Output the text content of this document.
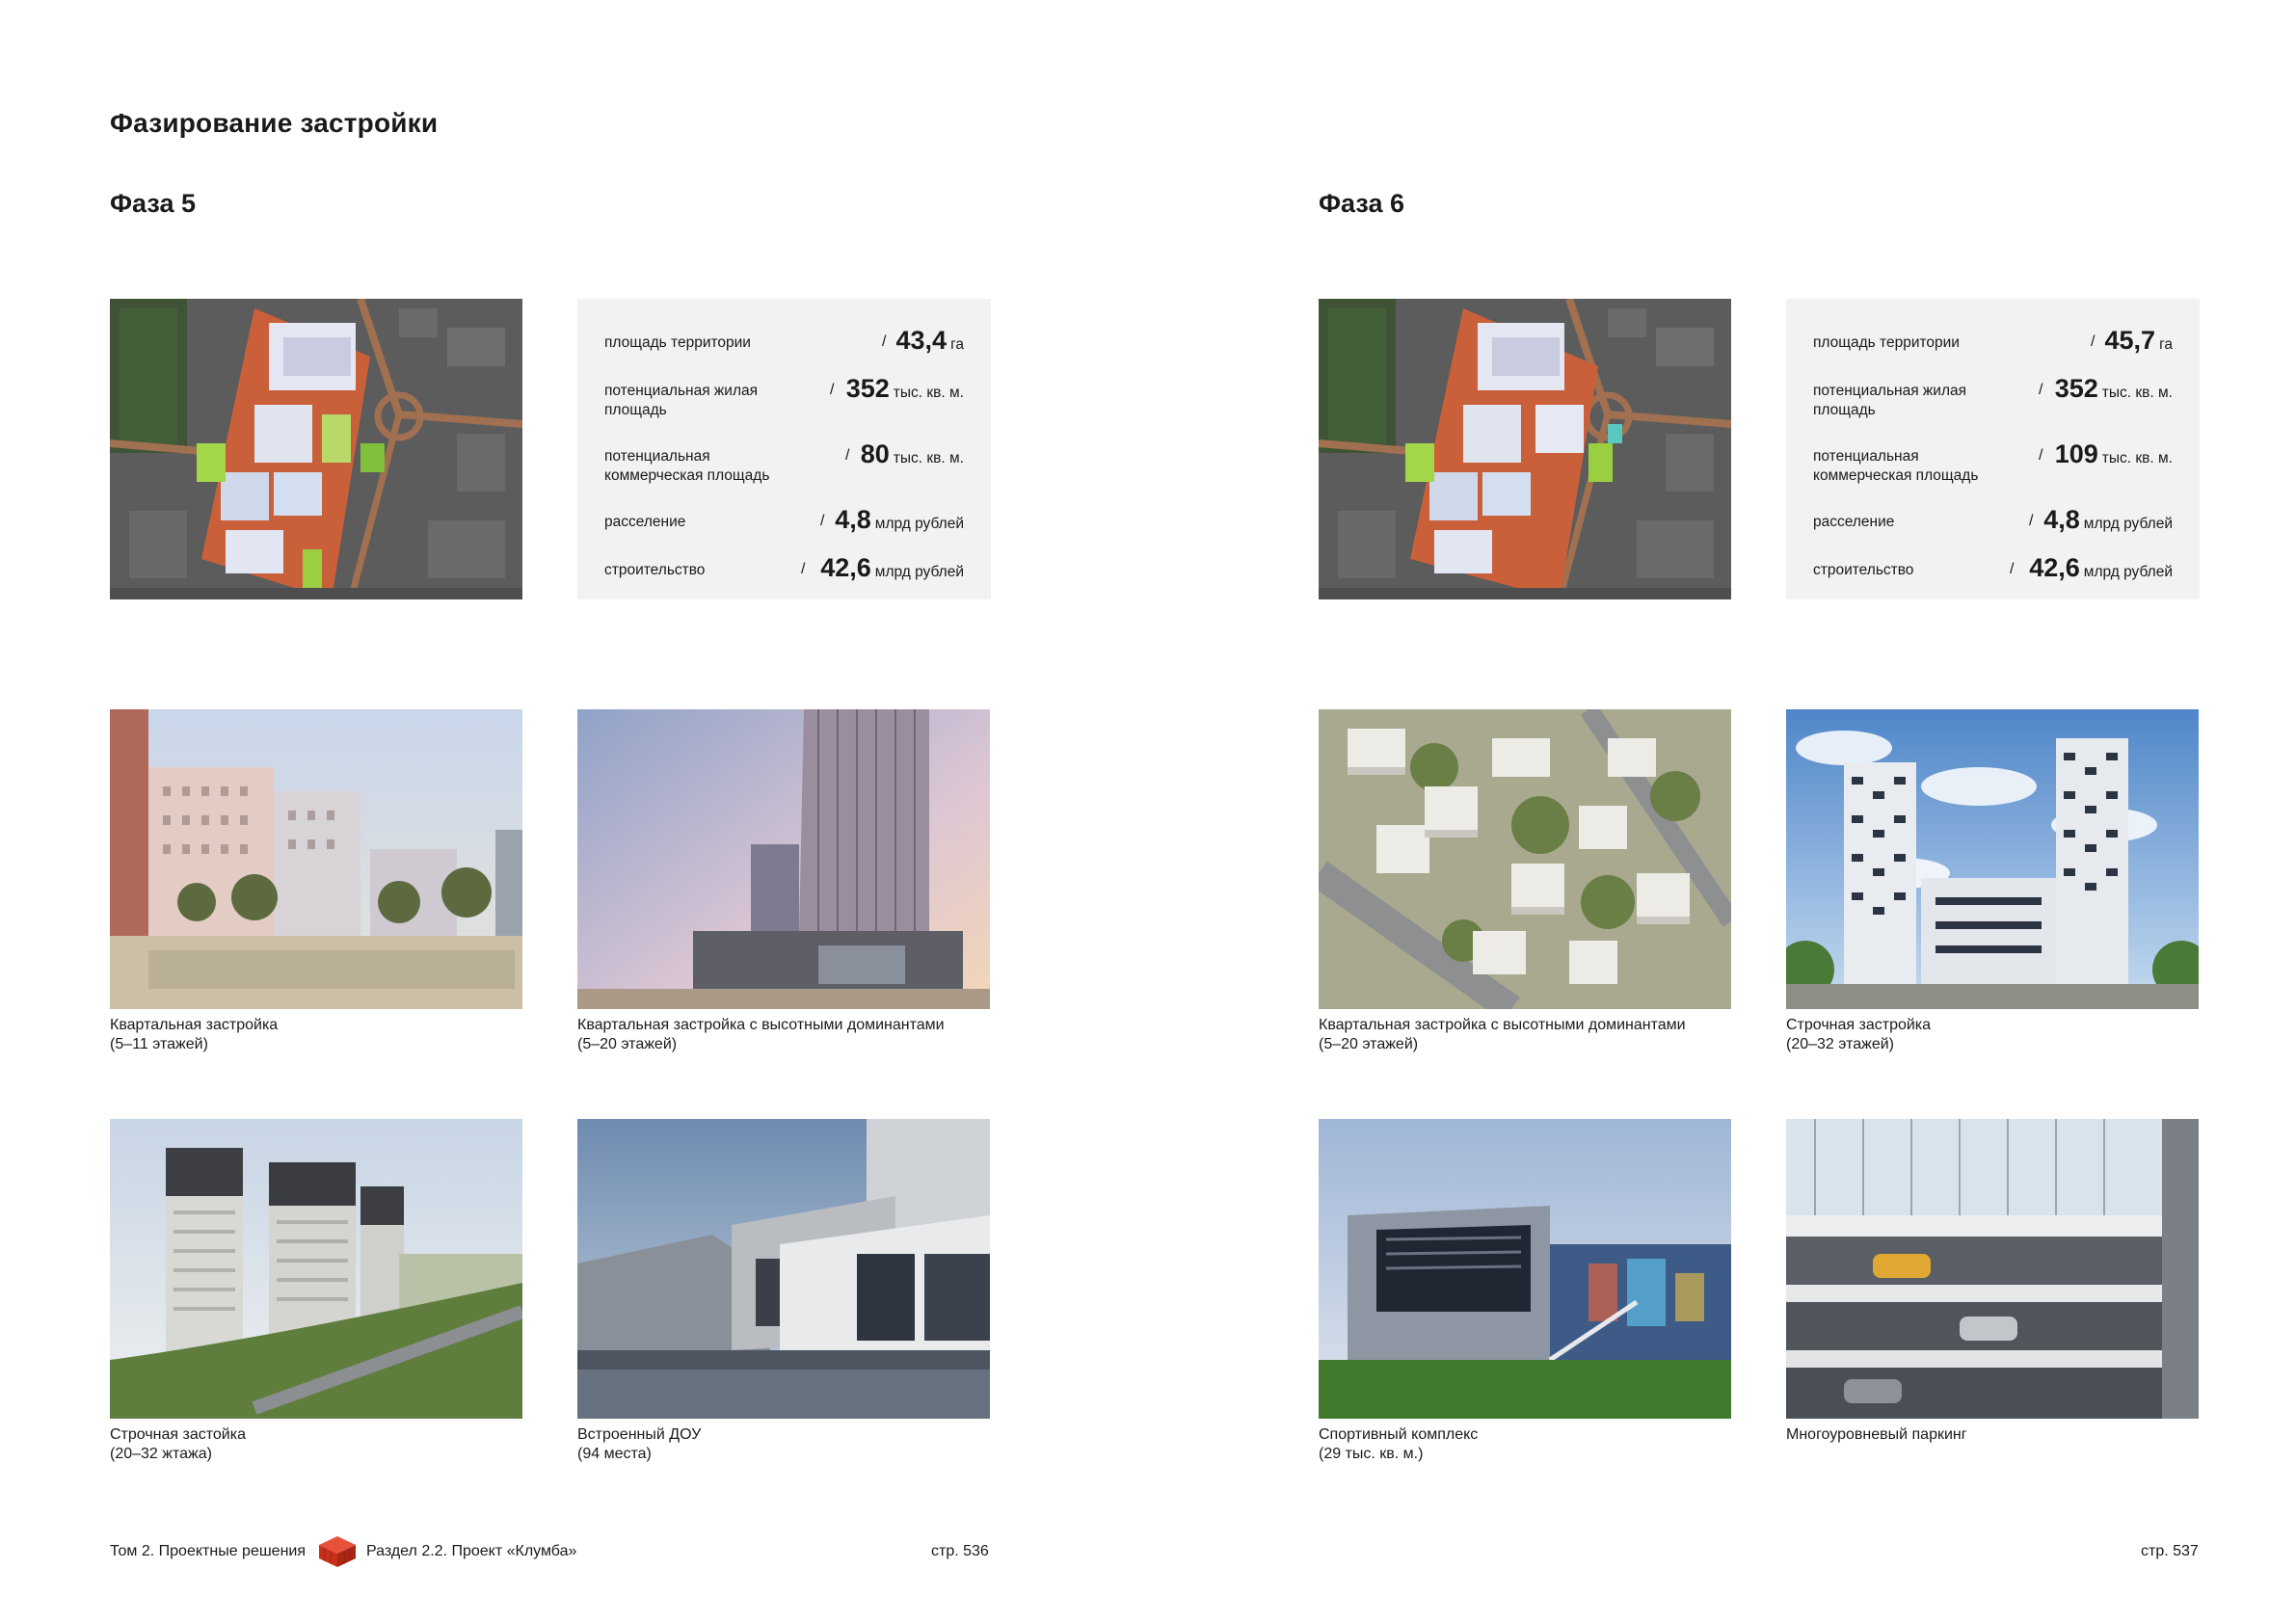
Фазирование застройки
Фаза 5	Фаза 6
площадь территории	/ 43,4 га
потенциальная жилая площадь
/ 352 тыс. кв. м.
потенциальная коммерческая площадь
/ 80 тыс. кв. м.
расселение	/ 4,8 млрд рублей
строительство	/ 42,6 млрд рублей
площадь территории	/ 45,7 га
потенциальная жилая площадь
/ 352 тыс. кв. м.
потенциальная коммерческая площадь
/ 109 тыс. кв. м.
расселение	/ 4,8 млрд рублей
строительство	/ 42,6 млрд рублей
Квартальная застройка
(5–11 этажей)
Квартальная застройка с высотными доминантами
(5–20 этажей)
Строчная застойка
(20–32 жтажа)
Встроенный ДОУ
(94 места)
Квартальная застройка с высотными доминантами
(5–20 этажей)
Строчная застройка
(20–32 этажей)
Спортивный комплекс
(29 тыс. кв. м.)
Многоуровневый паркинг
Том 2. Проектные решения	Раздел 2.2. Проект «Клумба»	стр. 536	стр. 537
